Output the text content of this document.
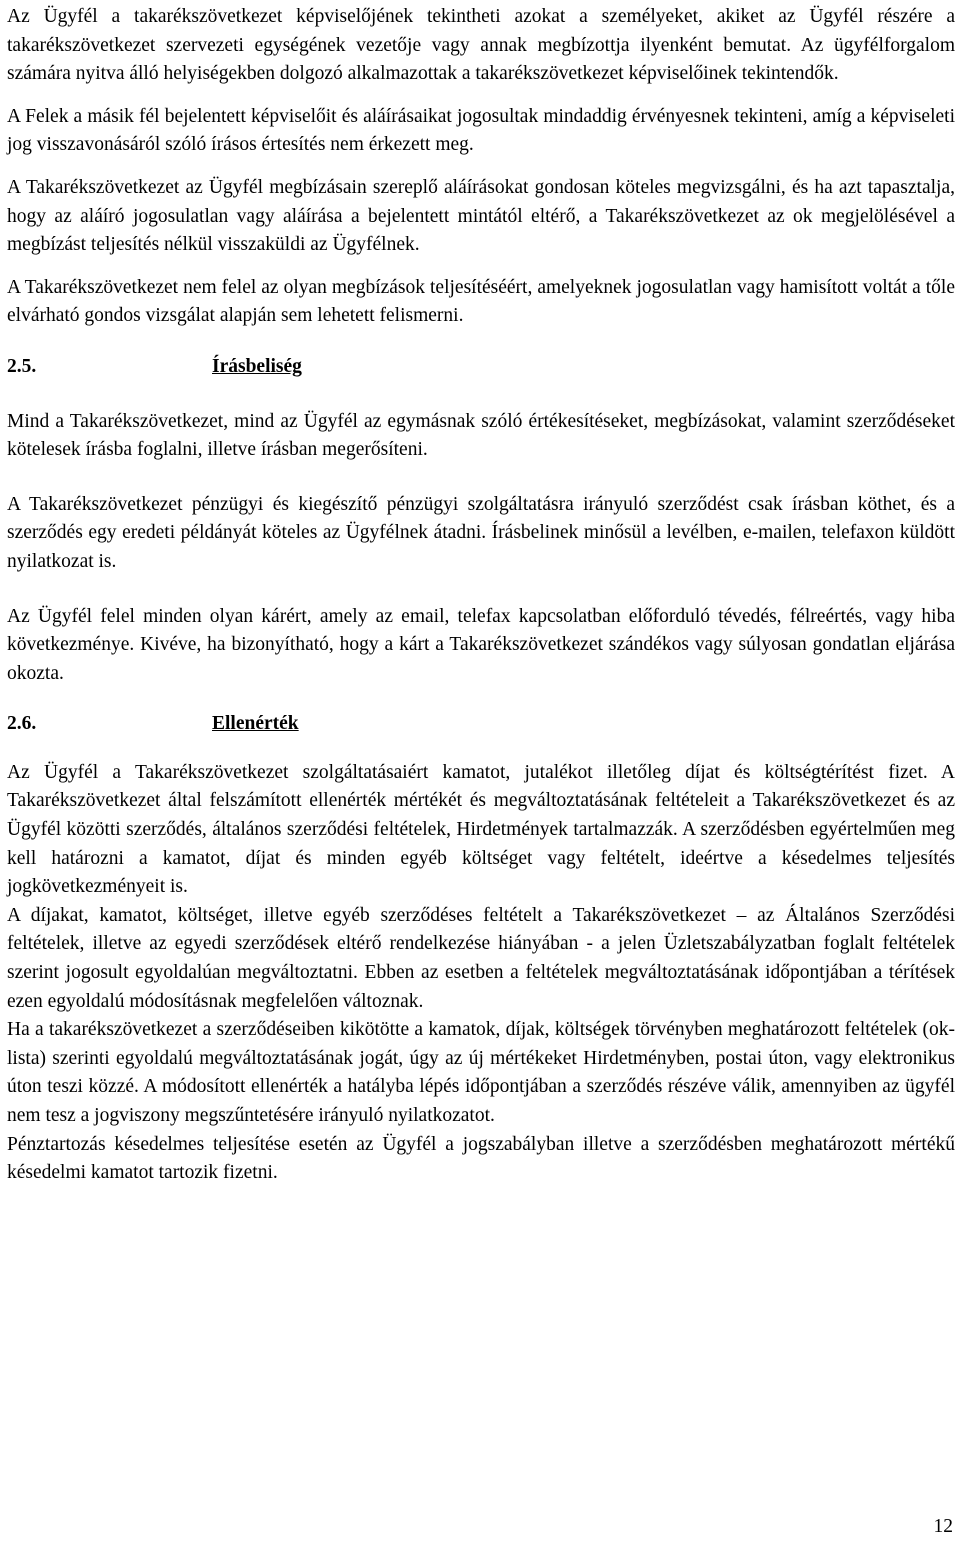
Az Ügyfél a takarékszövetkezet képviselőjének tekintheti azokat a személyeket, akiket az Ügyfél részére a takarékszövetkezet szervezeti egységének vezetője vagy annak megbízottja ilyenként bemutat. Az ügyfélforgalom számára nyitva álló helyiségekben dolgozó alkalmazottak a takarékszövetkezet képviselőinek tekintendők.

A Felek a másik fél bejelentett képviselőit és aláírásaikat jogosultak mindaddig érvényesnek tekinteni, amíg a képviseleti jog visszavonásáról szóló írásos értesítés nem érkezett meg.

A Takarékszövetkezet az Ügyfél megbízásain szereplő aláírásokat gondosan köteles megvizsgálni, és ha azt tapasztalja, hogy az aláíró jogosulatlan vagy aláírása a bejelentett mintától eltérő, a Takarékszövetkezet az ok megjelölésével a megbízást teljesítés nélkül visszaküldi az Ügyfélnek.

A Takarékszövetkezet nem felel az olyan megbízások teljesítéséért, amelyeknek jogosulatlan vagy hamisított voltát a tőle elvárható gondos vizsgálat alapján sem lehetett felismerni.

2.5.	Írásbeliség

Mind a Takarékszövetkezet, mind az Ügyfél az egymásnak szóló értékesítéseket, megbízásokat, valamint szerződéseket kötelesek írásba foglalni, illetve írásban megerősíteni.

A Takarékszövetkezet pénzügyi és kiegészítő pénzügyi szolgáltatásra irányuló szerződést csak írásban köthet, és a szerződés egy eredeti példányát köteles az Ügyfélnek átadni. Írásbelinek minősül a levélben, e-mailen, telefaxon küldött nyilatkozat is.

Az Ügyfél felel minden olyan kárért, amely az email, telefax kapcsolatban előforduló tévedés, félreértés, vagy hiba következménye. Kivéve, ha bizonyítható, hogy a kárt a Takarékszövetkezet szándékos vagy súlyosan gondatlan eljárása okozta.

2.6.	Ellenérték

Az Ügyfél a Takarékszövetkezet szolgáltatásaiért kamatot, jutalékot illetőleg díjat és költségtérítést fizet. A Takarékszövetkezet által felszámított ellenérték mértékét és megváltoztatásának feltételeit a Takarékszövetkezet és az Ügyfél közötti szerződés, általános szerződési feltételek, Hirdetmények tartalmazzák. A szerződésben egyértelműen meg kell határozni a kamatot, díjat és minden egyéb költséget vagy feltételt, ideértve a késedelmes teljesítés jogkövetkezményeit is.

A díjakat, kamatot, költséget, illetve egyéb szerződéses feltételt a Takarékszövetkezet – az Általános Szerződési feltételek, illetve az egyedi szerződések eltérő rendelkezése hiányában - a jelen Üzletszabályzatban foglalt feltételek szerint jogosult egyoldalúan megváltoztatni. Ebben az esetben a feltételek megváltoztatásának időpontjában a térítések ezen egyoldalú módosításnak megfelelően változnak.

Ha a takarékszövetkezet a szerződéseiben kikötötte a kamatok, díjak, költségek törvényben meghatározott feltételek (ok-lista) szerinti egyoldalú megváltoztatásának jogát, úgy az új mértékeket Hirdetményben, postai úton, vagy elektronikus úton teszi közzé. A módosított ellenérték a hatályba lépés időpontjában a szerződés részéve válik, amennyiben az ügyfél nem tesz a jogviszony megszűntetésére irányuló nyilatkozatot.

Pénztartozás késedelmes teljesítése esetén az Ügyfél a jogszabályban illetve a szerződésben meghatározott mértékű késedelmi kamatot tartozik fizetni.

12
